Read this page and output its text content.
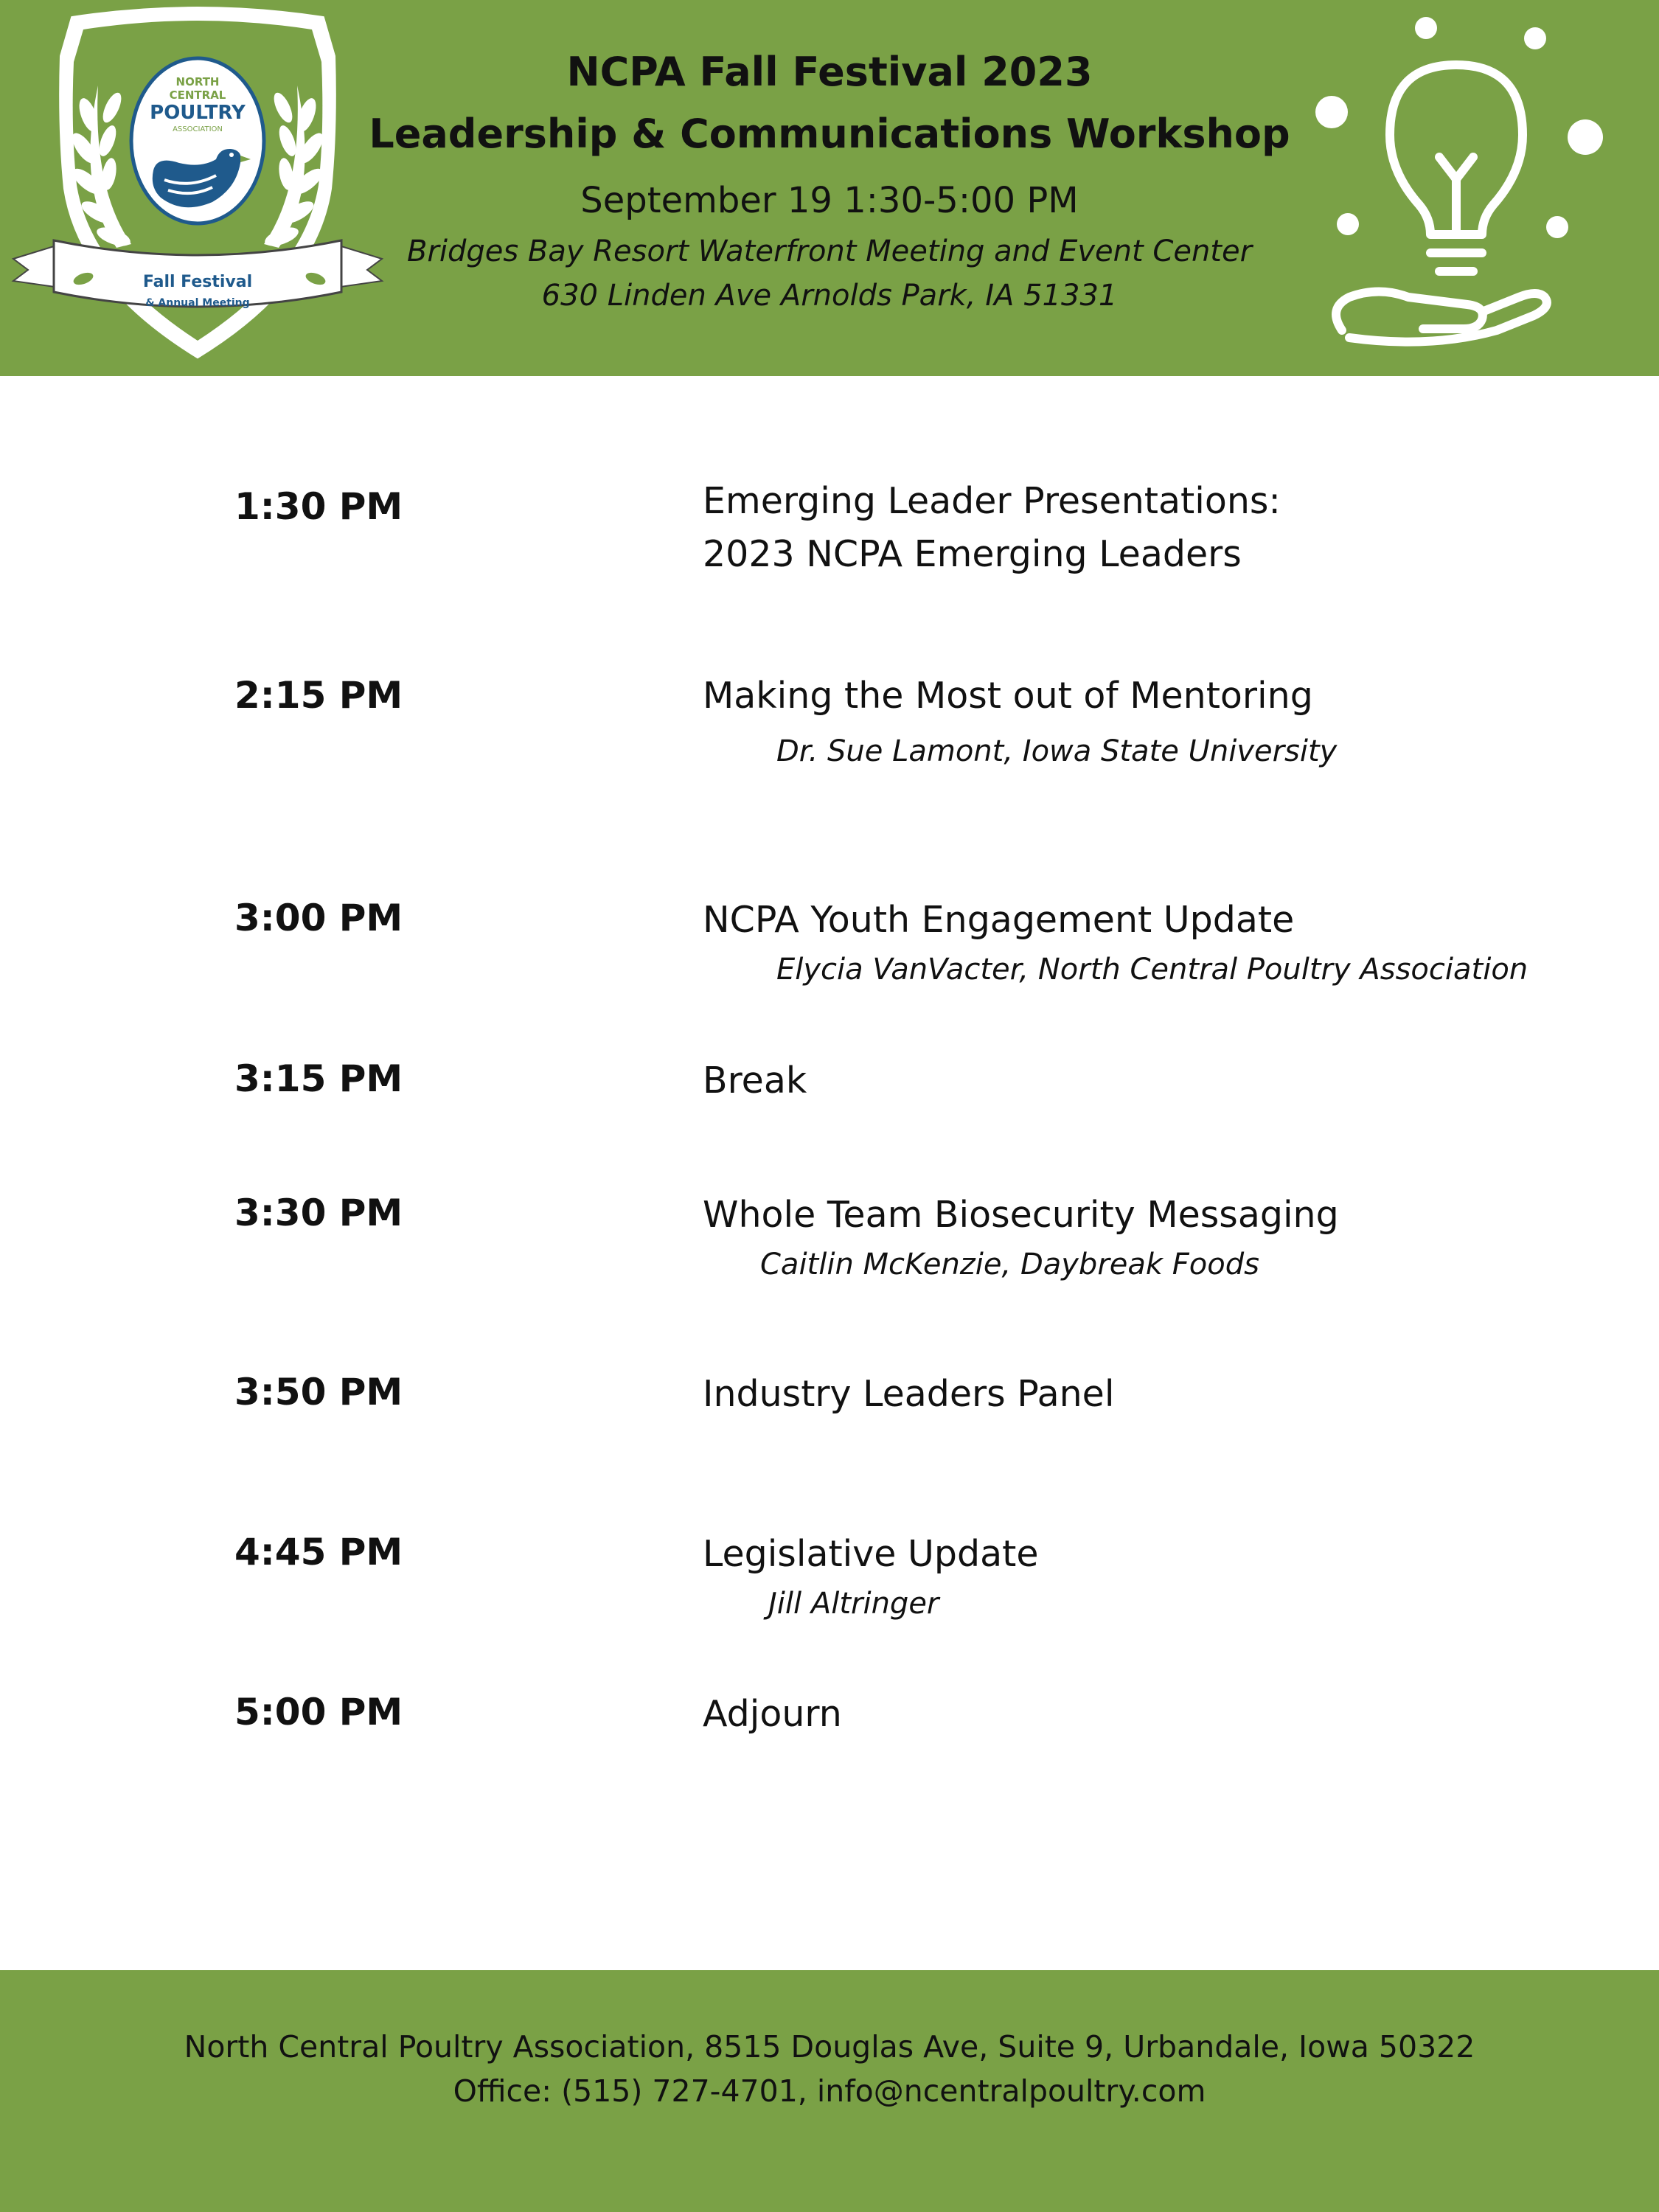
NORTH
CENTRAL
POULTRY
ASSOCIATION
Fall Festival
& Annual Meeting
NCPA Fall Festival 2023
Leadership & Communications Workshop
September 19 1:30-5:00 PM
Bridges Bay Resort Waterfront Meeting and Event Center
630 Linden Ave Arnolds Park, IA 51331
1:30 PM	Emerging Leader Presentations:
2023 NCPA Emerging Leaders
2:15 PM	Making the Most out of Mentoring
Dr. Sue Lamont, Iowa State University
3:00 PM	NCPA Youth Engagement Update
Elycia VanVacter, North Central Poultry Association
3:15 PM	Break
3:30 PM	Whole Team Biosecurity Messaging
Caitlin McKenzie, Daybreak Foods
3:50 PM	Industry Leaders Panel
4:45 PM	Legislative Update
Jill Altringer
5:00 PM	Adjourn
North Central Poultry Association, 8515 Douglas Ave, Suite 9, Urbandale, Iowa 50322
Office: (515) 727-4701, info@ncentralpoultry.com
